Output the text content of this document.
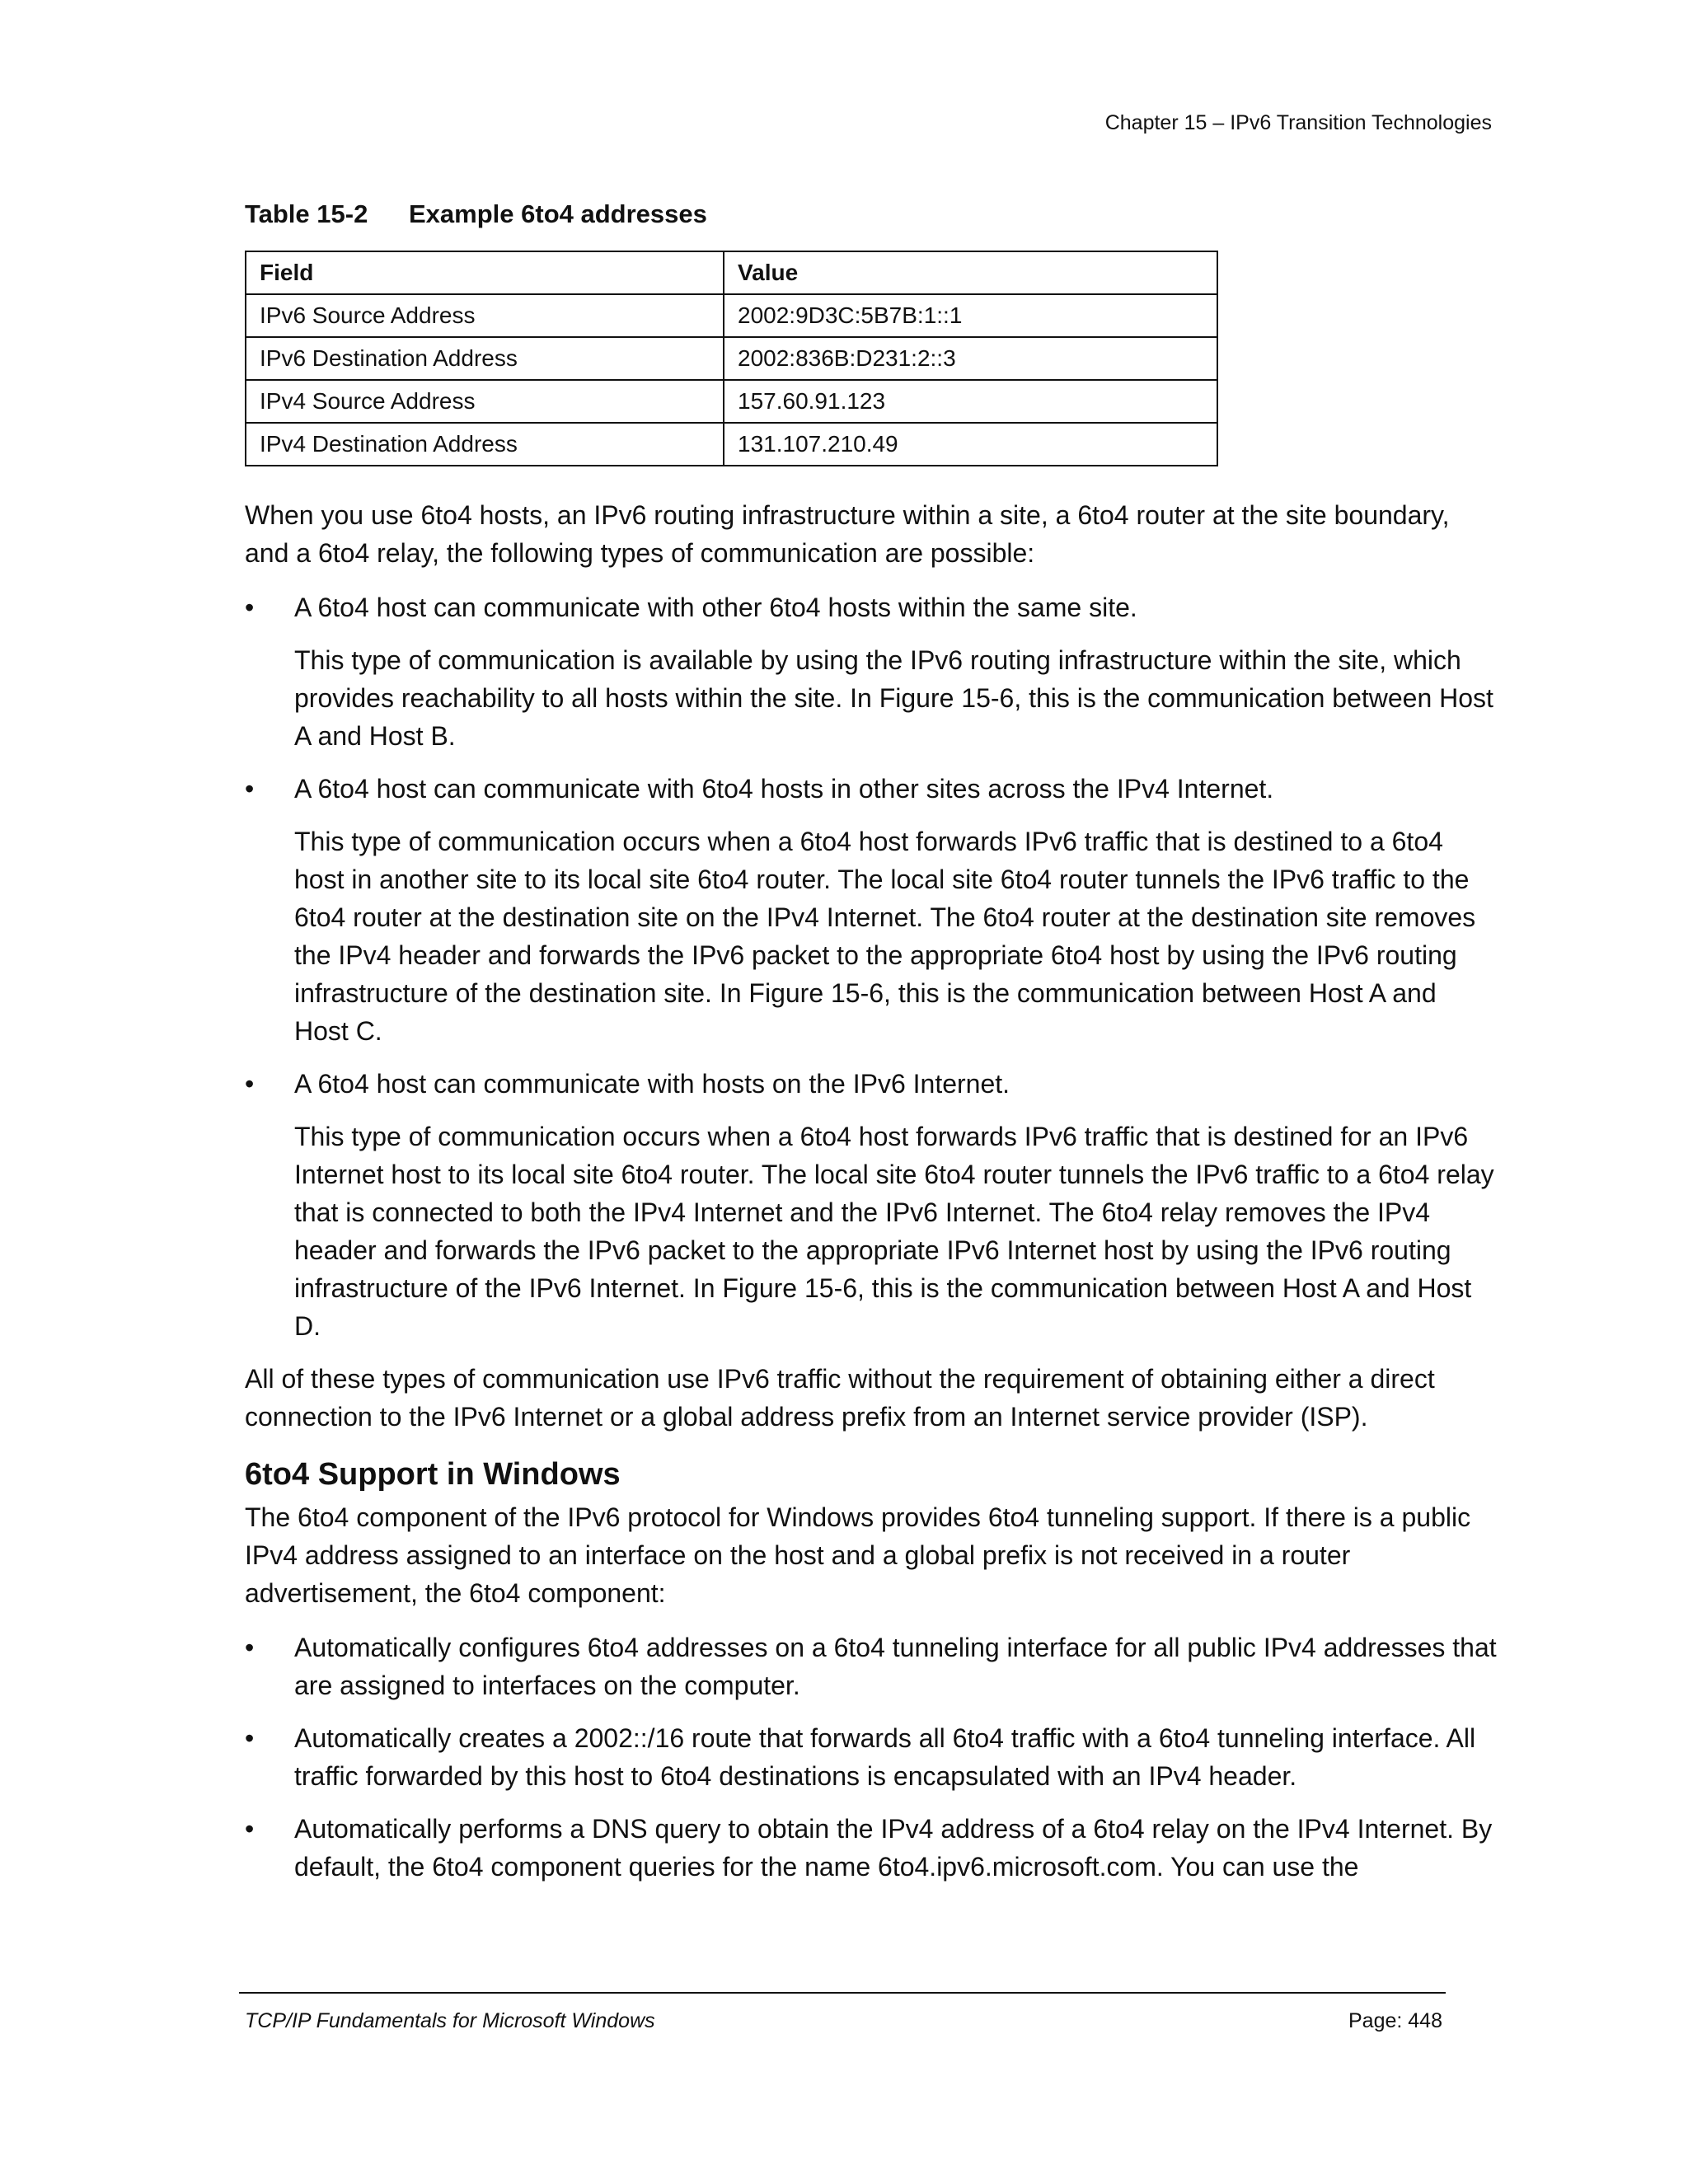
Chapter 15 – IPv6 Transition Technologies
Table 15-2 Example 6to4 addresses
Field	Value
IPv6 Source Address	2002:9D3C:5B7B:1::1
IPv6 Destination Address	2002:836B:D231:2::3
IPv4 Source Address	157.60.91.123
IPv4 Destination Address	131.107.210.49

When you use 6to4 hosts, an IPv6 routing infrastructure within a site, a 6to4 router at the site boundary, and a 6to4 relay, the following types of communication are possible:

•	A 6to4 host can communicate with other 6to4 hosts within the same site.

This type of communication is available by using the IPv6 routing infrastructure within the site, which provides reachability to all hosts within the site. In Figure 15-6, this is the communication between Host A and Host B.

•	A 6to4 host can communicate with 6to4 hosts in other sites across the IPv4 Internet.

This type of communication occurs when a 6to4 host forwards IPv6 traffic that is destined to a 6to4 host in another site to its local site 6to4 router. The local site 6to4 router tunnels the IPv6 traffic to the 6to4 router at the destination site on the IPv4 Internet. The 6to4 router at the destination site removes the IPv4 header and forwards the IPv6 packet to the appropriate 6to4 host by using the IPv6 routing infrastructure of the destination site. In Figure 15-6, this is the communication between Host A and Host C.

•	A 6to4 host can communicate with hosts on the IPv6 Internet.

This type of communication occurs when a 6to4 host forwards IPv6 traffic that is destined for an IPv6 Internet host to its local site 6to4 router. The local site 6to4 router tunnels the IPv6 traffic to a 6to4 relay that is connected to both the IPv4 Internet and the IPv6 Internet. The 6to4 relay removes the IPv4 header and forwards the IPv6 packet to the appropriate IPv6 Internet host by using the IPv6 routing infrastructure of the IPv6 Internet. In Figure 15-6, this is the communication between Host A and Host D.

All of these types of communication use IPv6 traffic without the requirement of obtaining either a direct connection to the IPv6 Internet or a global address prefix from an Internet service provider (ISP).

6to4 Support in Windows

The 6to4 component of the IPv6 protocol for Windows provides 6to4 tunneling support. If there is a public IPv4 address assigned to an interface on the host and a global prefix is not received in a router advertisement, the 6to4 component:

•	Automatically configures 6to4 addresses on a 6to4 tunneling interface for all public IPv4 addresses that are assigned to interfaces on the computer.
•	Automatically creates a 2002::/16 route that forwards all 6to4 traffic with a 6to4 tunneling interface. All traffic forwarded by this host to 6to4 destinations is encapsulated with an IPv4 header.
•	Automatically performs a DNS query to obtain the IPv4 address of a 6to4 relay on the IPv4 Internet. By default, the 6to4 component queries for the name 6to4.ipv6.microsoft.com. You can use the
TCP/IP Fundamentals for Microsoft Windows	Page: 448
